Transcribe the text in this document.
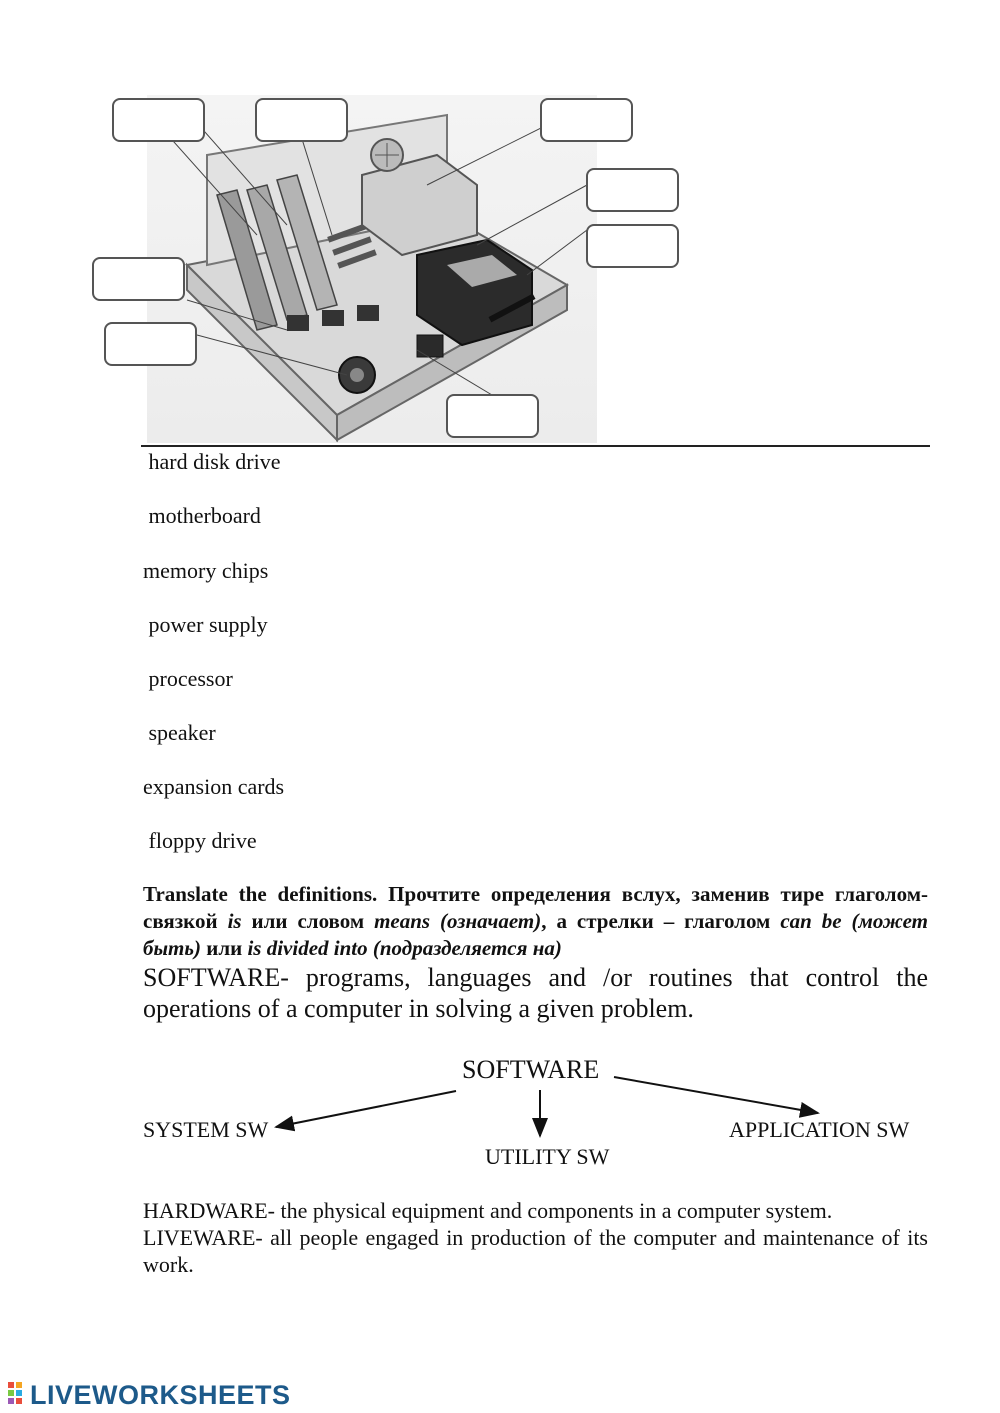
hard disk drive
motherboard
memory chips
power supply
processor
speaker
expansion cards
floppy drive
Translate the definitions. Прочтите определения вслух, заменив тире глаголом-связкой is или словом means (означает), а стрелки – глаголом can be (может быть) или is divided into (подразделяется на)
SOFTWARE- programs, languages and /or routines that control the operations of a computer in solving a given problem.
SOFTWARE
SYSTEM SW
UTILITY SW
APPLICATION SW
HARDWARE- the physical equipment and components in a computer system.
LIVEWARE- all people engaged in production of the computer and maintenance of its work.
LIVEWORKSHEETS
